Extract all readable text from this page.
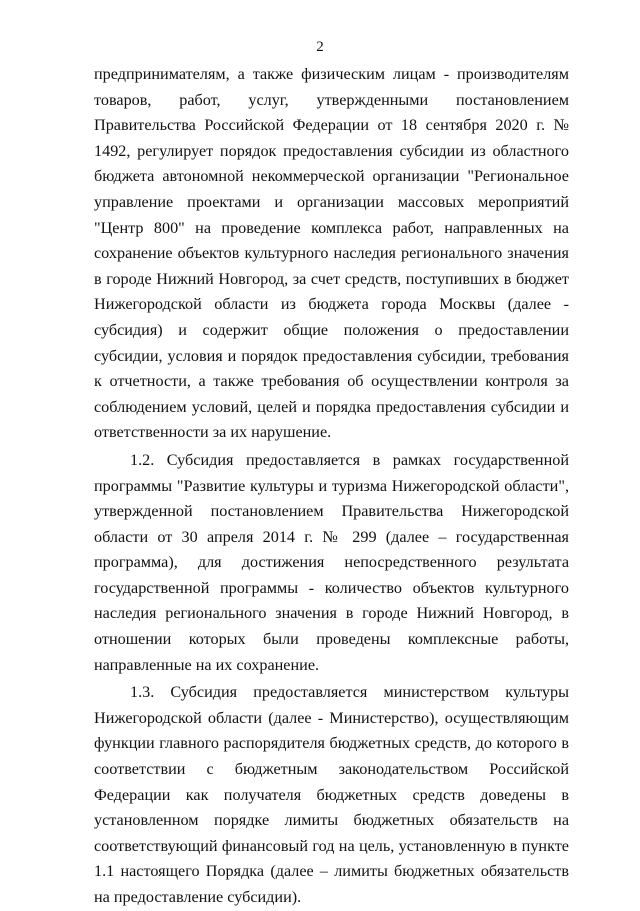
2

предпринимателям, а также физическим лицам - производителям товаров, работ, услуг, утвержденными постановлением Правительства Российской Федерации от 18 сентября 2020 г. № 1492, регулирует порядок предоставления субсидии из областного бюджета автономной некоммерческой организации "Региональное управление проектами и организации массовых мероприятий "Центр 800" на проведение комплекса работ, направленных на сохранение объектов культурного наследия регионального значения в городе Нижний Новгород, за счет средств, поступивших в бюджет Нижегородской области из бюджета города Москвы (далее - субсидия) и содержит общие положения о предоставлении субсидии, условия и порядок предоставления субсидии, требования к отчетности, а также требования об осуществлении контроля за соблюдением условий, целей и порядка предоставления субсидии и ответственности за их нарушение.

1.2. Субсидия предоставляется в рамках государственной программы "Развитие культуры и туризма Нижегородской области", утвержденной постановлением Правительства Нижегородской области от 30 апреля 2014 г. № 299 (далее – государственная программа), для достижения непосредственного результата государственной программы - количество объектов культурного наследия регионального значения в городе Нижний Новгород, в отношении которых были проведены комплексные работы, направленные на их сохранение.

1.3. Субсидия предоставляется министерством культуры Нижегородской области (далее - Министерство), осуществляющим функции главного распорядителя бюджетных средств, до которого в соответствии с бюджетным законодательством Российской Федерации как получателя бюджетных средств доведены в установленном порядке лимиты бюджетных обязательств на соответствующий финансовый год на цель, установленную в пункте 1.1 настоящего Порядка (далее – лимиты бюджетных обязательств на предоставление субсидии).
